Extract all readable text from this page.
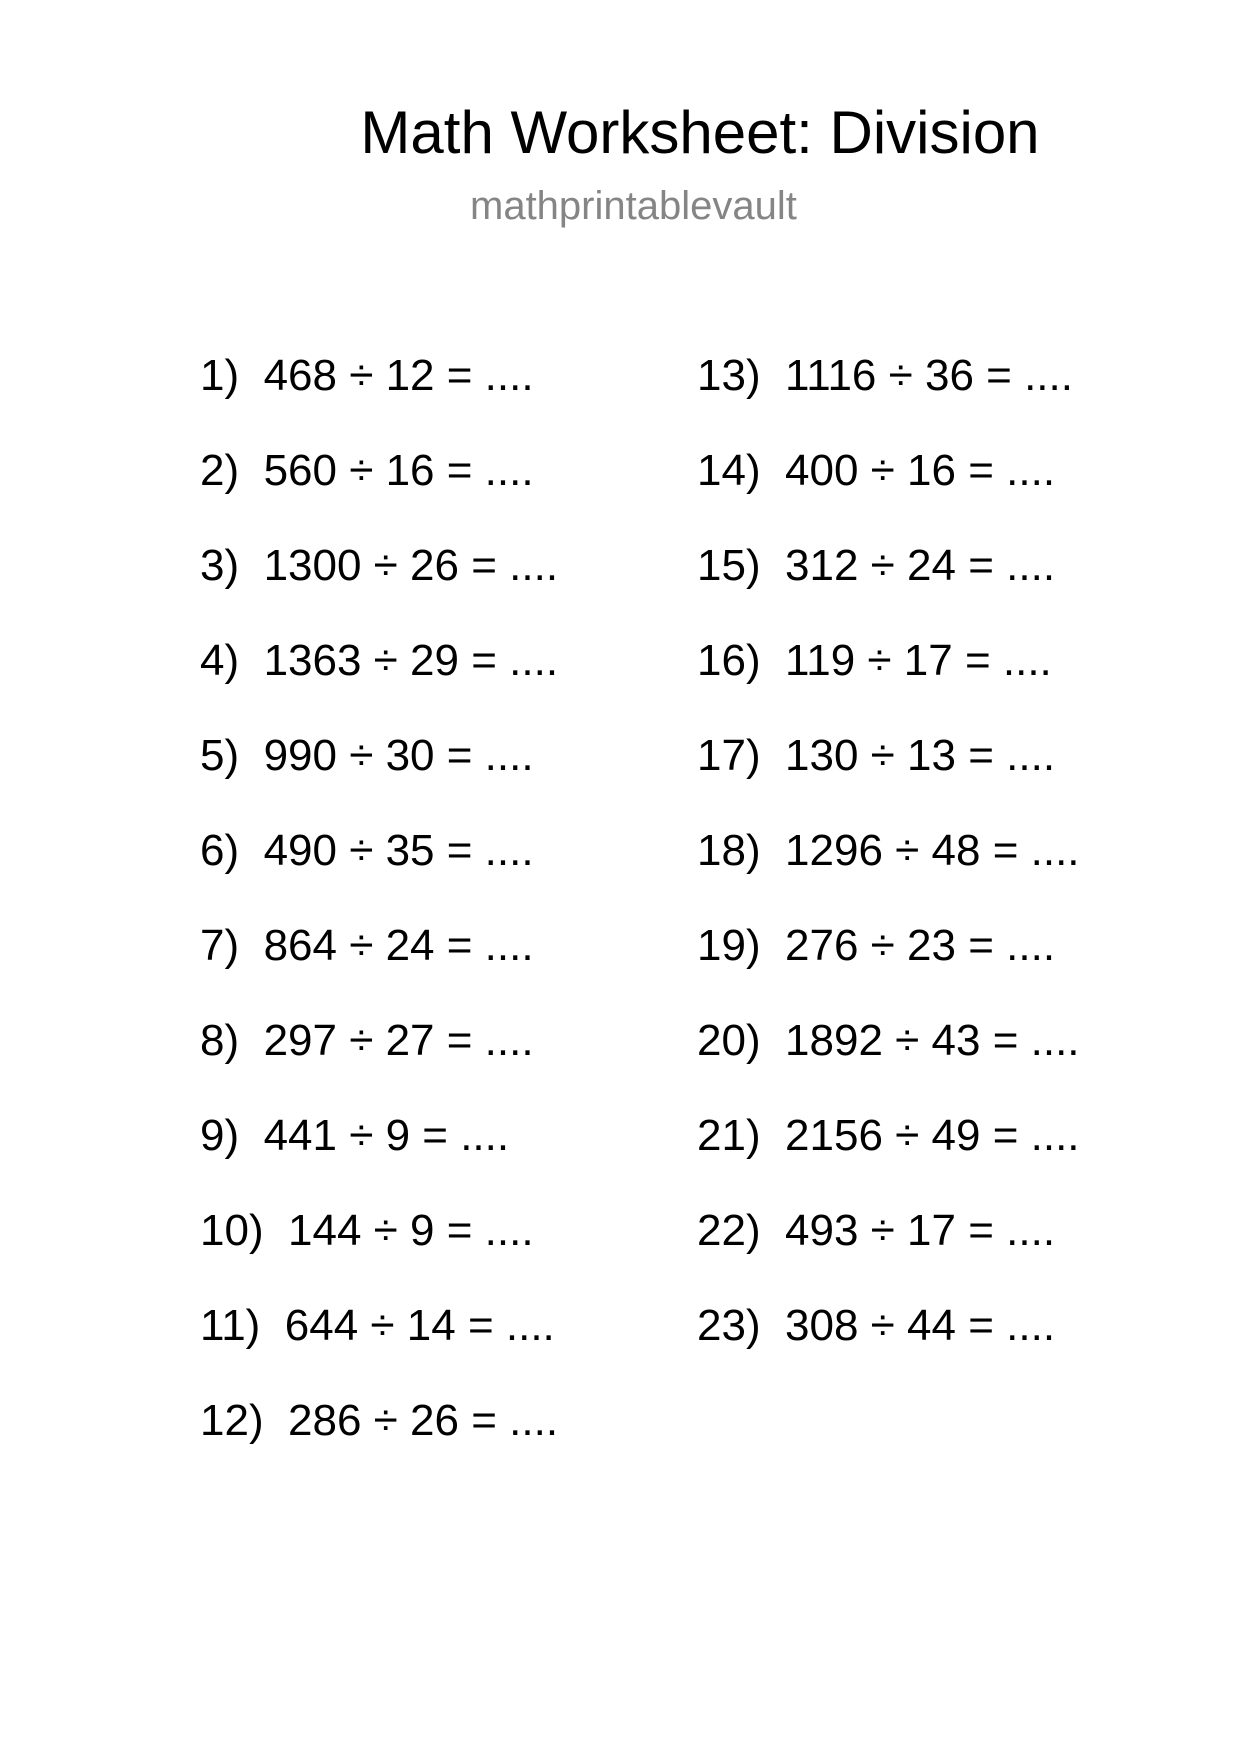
Math Worksheet: Division
mathprintablevault
1) 468 ÷ 12 = ....
2) 560 ÷ 16 = ....
3) 1300 ÷ 26 = ....
4) 1363 ÷ 29 = ....
5) 990 ÷ 30 = ....
6) 490 ÷ 35 = ....
7) 864 ÷ 24 = ....
8) 297 ÷ 27 = ....
9) 441 ÷ 9 = ....
10) 144 ÷ 9 = ....
11) 644 ÷ 14 = ....
12) 286 ÷ 26 = ....
13) 1116 ÷ 36 = ....
14) 400 ÷ 16 = ....
15) 312 ÷ 24 = ....
16) 119 ÷ 17 = ....
17) 130 ÷ 13 = ....
18) 1296 ÷ 48 = ....
19) 276 ÷ 23 = ....
20) 1892 ÷ 43 = ....
21) 2156 ÷ 49 = ....
22) 493 ÷ 17 = ....
23) 308 ÷ 44 = ....
